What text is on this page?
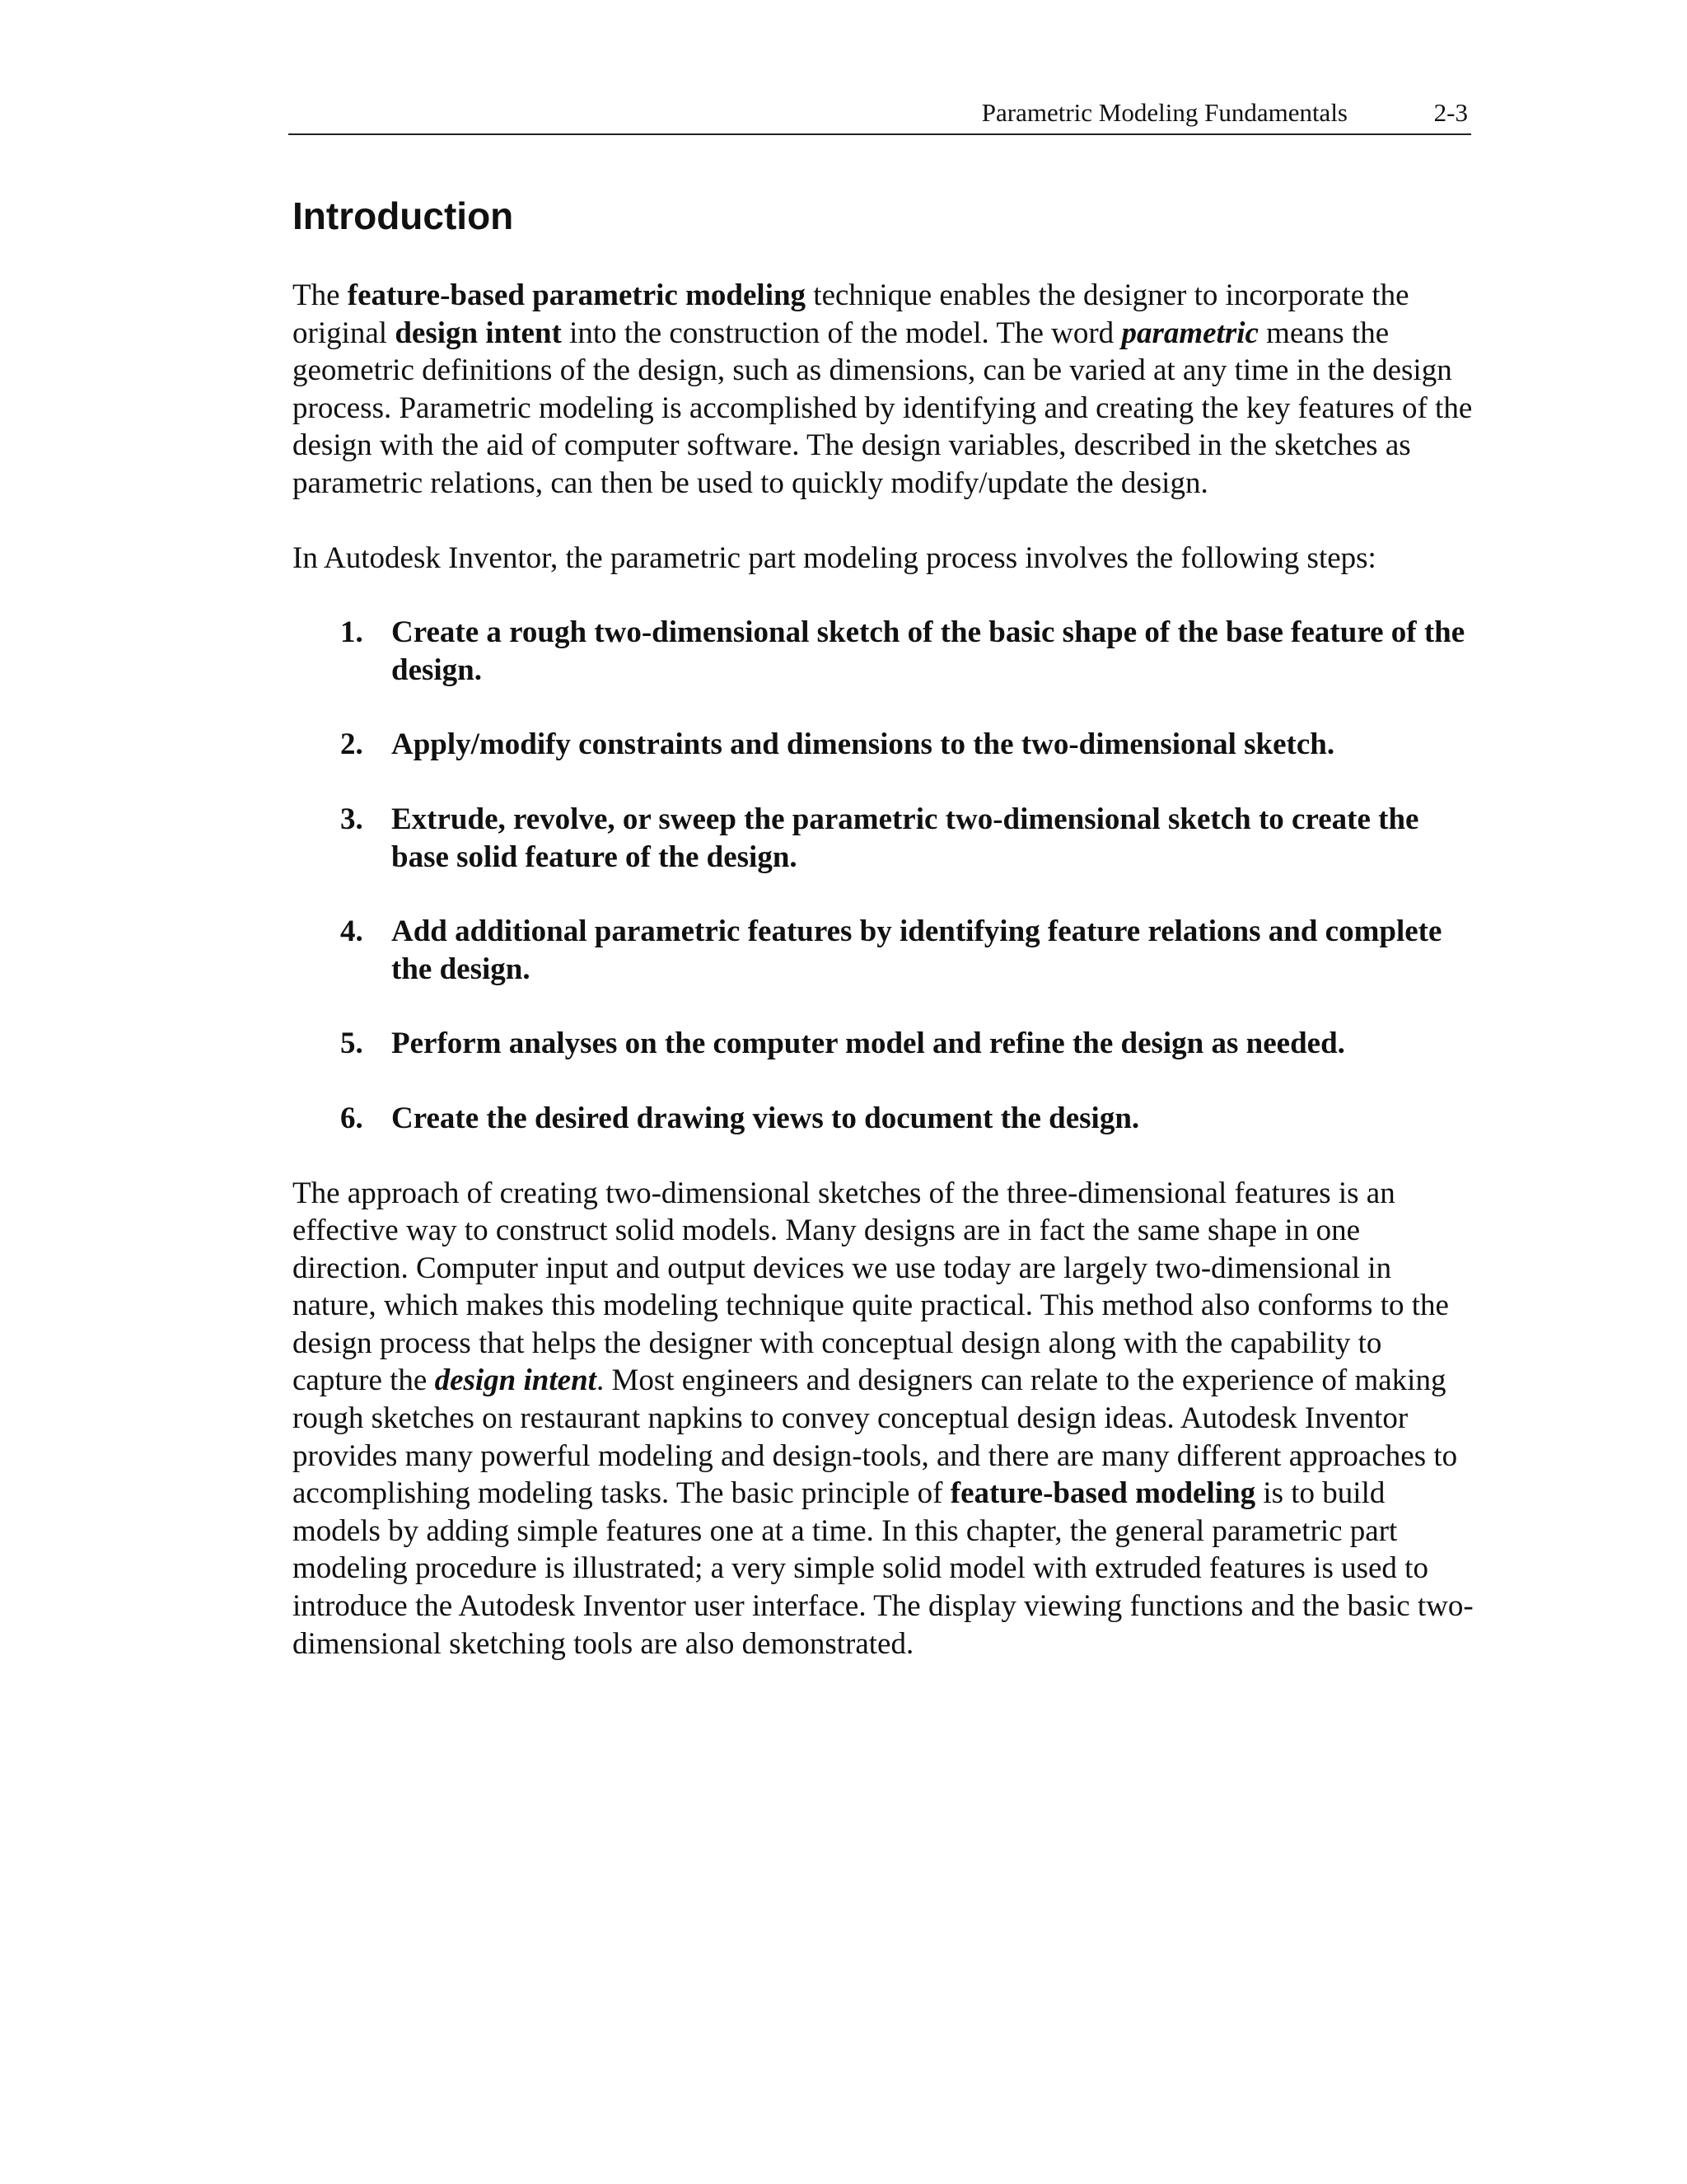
Parametric Modeling Fundamentals	2-3
Introduction

The feature-based parametric modeling technique enables the designer to incorporate the original design intent into the construction of the model. The word parametric means the geometric definitions of the design, such as dimensions, can be varied at any time in the design process. Parametric modeling is accomplished by identifying and creating the key features of the design with the aid of computer software. The design variables, described in the sketches as parametric relations, can then be used to quickly modify/update the design.

In Autodesk Inventor, the parametric part modeling process involves the following steps:

1. Create a rough two-dimensional sketch of the basic shape of the base feature of the design.
2. Apply/modify constraints and dimensions to the two-dimensional sketch.
3. Extrude, revolve, or sweep the parametric two-dimensional sketch to create the base solid feature of the design.
4. Add additional parametric features by identifying feature relations and complete the design.
5. Perform analyses on the computer model and refine the design as needed.
6. Create the desired drawing views to document the design.

The approach of creating two-dimensional sketches of the three-dimensional features is an effective way to construct solid models. Many designs are in fact the same shape in one direction. Computer input and output devices we use today are largely two-dimensional in nature, which makes this modeling technique quite practical. This method also conforms to the design process that helps the designer with conceptual design along with the capability to capture the design intent. Most engineers and designers can relate to the experience of making rough sketches on restaurant napkins to convey conceptual design ideas. Autodesk Inventor provides many powerful modeling and design-tools, and there are many different approaches to accomplishing modeling tasks. The basic principle of feature-based modeling is to build models by adding simple features one at a time. In this chapter, the general parametric part modeling procedure is illustrated; a very simple solid model with extruded features is used to introduce the Autodesk Inventor user interface. The display viewing functions and the basic two-dimensional sketching tools are also demonstrated.
